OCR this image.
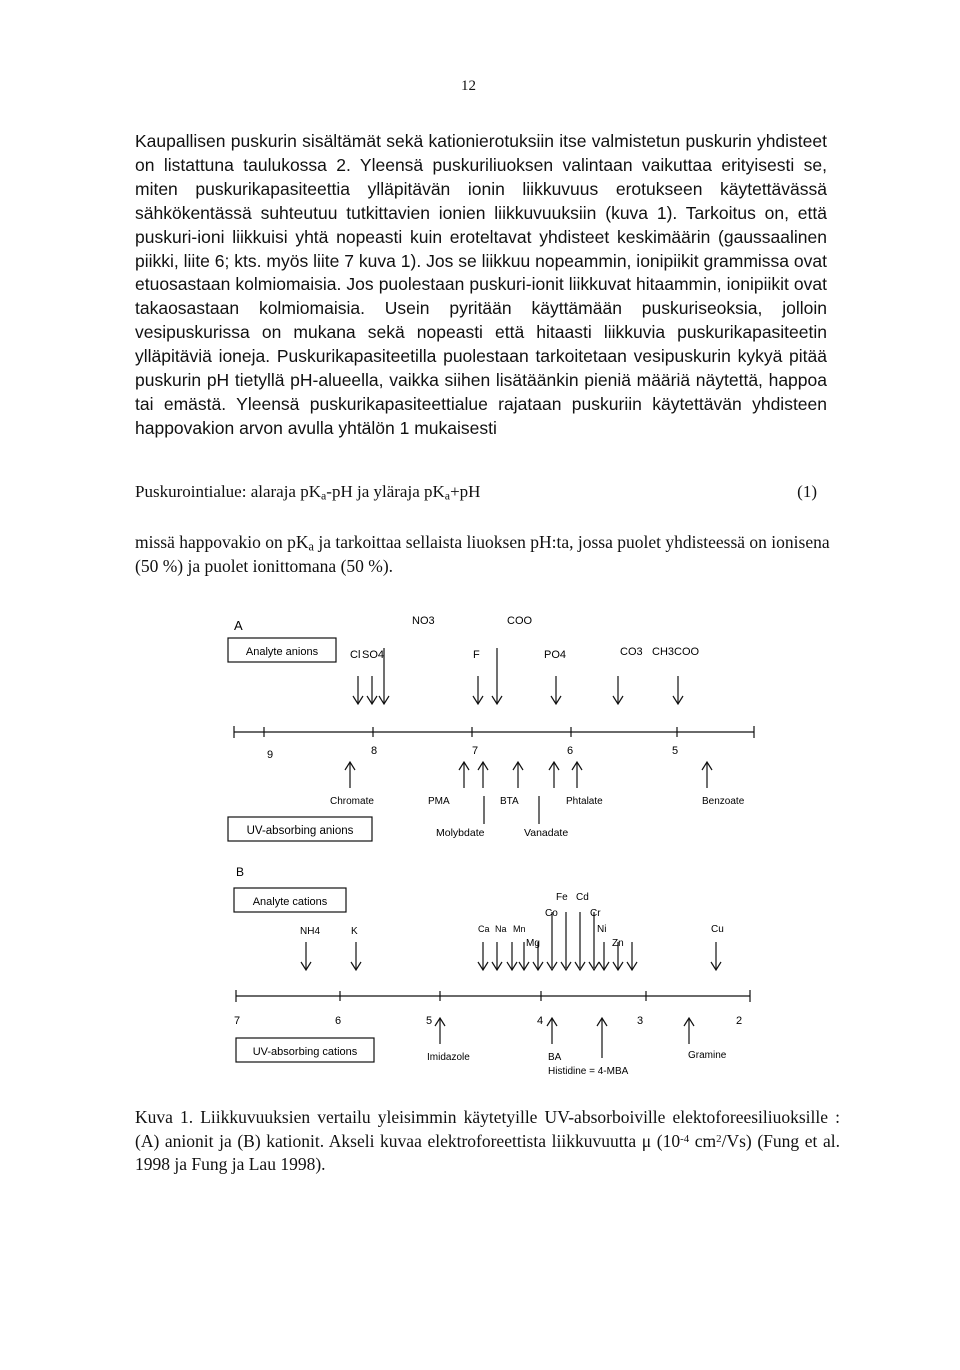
12

Kaupallisen puskurin sisältämät sekä kationierotuksiin itse valmistetun puskurin yhdisteet on listattuna taulukossa 2. Yleensä puskuriliuoksen valintaan vaikuttaa erityisesti se, miten puskurikapasiteettia ylläpitävän ionin liikkuvuus erotukseen käytettävässä sähkökentässä suhteutuu tutkittavien ionien liikkuvuuksiin (kuva 1). Tarkoitus on, että puskuri-ioni liikkuisi yhtä nopeasti kuin eroteltavat yhdisteet keskimäärin (gaussaalinen piikki, liite 6; kts. myös liite 7 kuva 1). Jos se liikkuu nopeammin, ionipiikit grammissa ovat etuosastaan kolmiomaisia. Jos puolestaan puskuri-ionit liikkuvat hitaammin, ionipiikit ovat takaosastaan kolmiomaisia. Usein pyritään käyttämään puskuriseoksia, jolloin vesipuskurissa on mukana sekä nopeasti että hitaasti liikkuvia puskurikapasiteetin ylläpitäviä ioneja. Puskurikapasiteetilla puolestaan tarkoitetaan vesipuskurin kykyä pitää puskurin pH tietyllä pH-alueella, vaikka siihen lisätäänkin pieniä määriä näytettä, happoa tai emästä. Yleensä puskurikapasiteettialue rajataan puskuriin käytettävän yhdisteen happovakion arvon avulla yhtälön 1 mukaisesti

Puskurointialue: alaraja $pK_a-pH$ ja yläraja $pK_a+pH$	(1)

missä happovakio on $pK_a$ ja tarkoittaa sellaista liuoksen pH:ta, jossa puolet yhdisteessä on ionisena (50 %) ja puolet ionittomana (50 %).

A
Analyte anions
NO3	COO
Cl SO4	F	PO4	CO3 CH3COO
9	8	7	6	5
Chromate	PMA	BTA	Phtalate	Benzoate
Molybdate	Vanadate
UV-absorbing anions
B
Analyte cations
NH4	K	Ca Na Mn
Mg
Fe Cd
Co	Cr
Ni
Zn
Cu
7	6	5	4	3	2
UV-absorbing cations	Imidazole	BA
Histidine = 4-MBA
Gramine

Kuva 1. Liikkuvuuksien vertailu yleisimmin käytetyille UV-absorboiville elektoforeesiliuoksille : (A) anionit ja (B) kationit. Akseli kuvaa elektroforeettista liikkuvuutta μ ($10^{-4}$ $cm^2/Vs$) (Fung et al. 1998 ja Fung ja Lau 1998).
